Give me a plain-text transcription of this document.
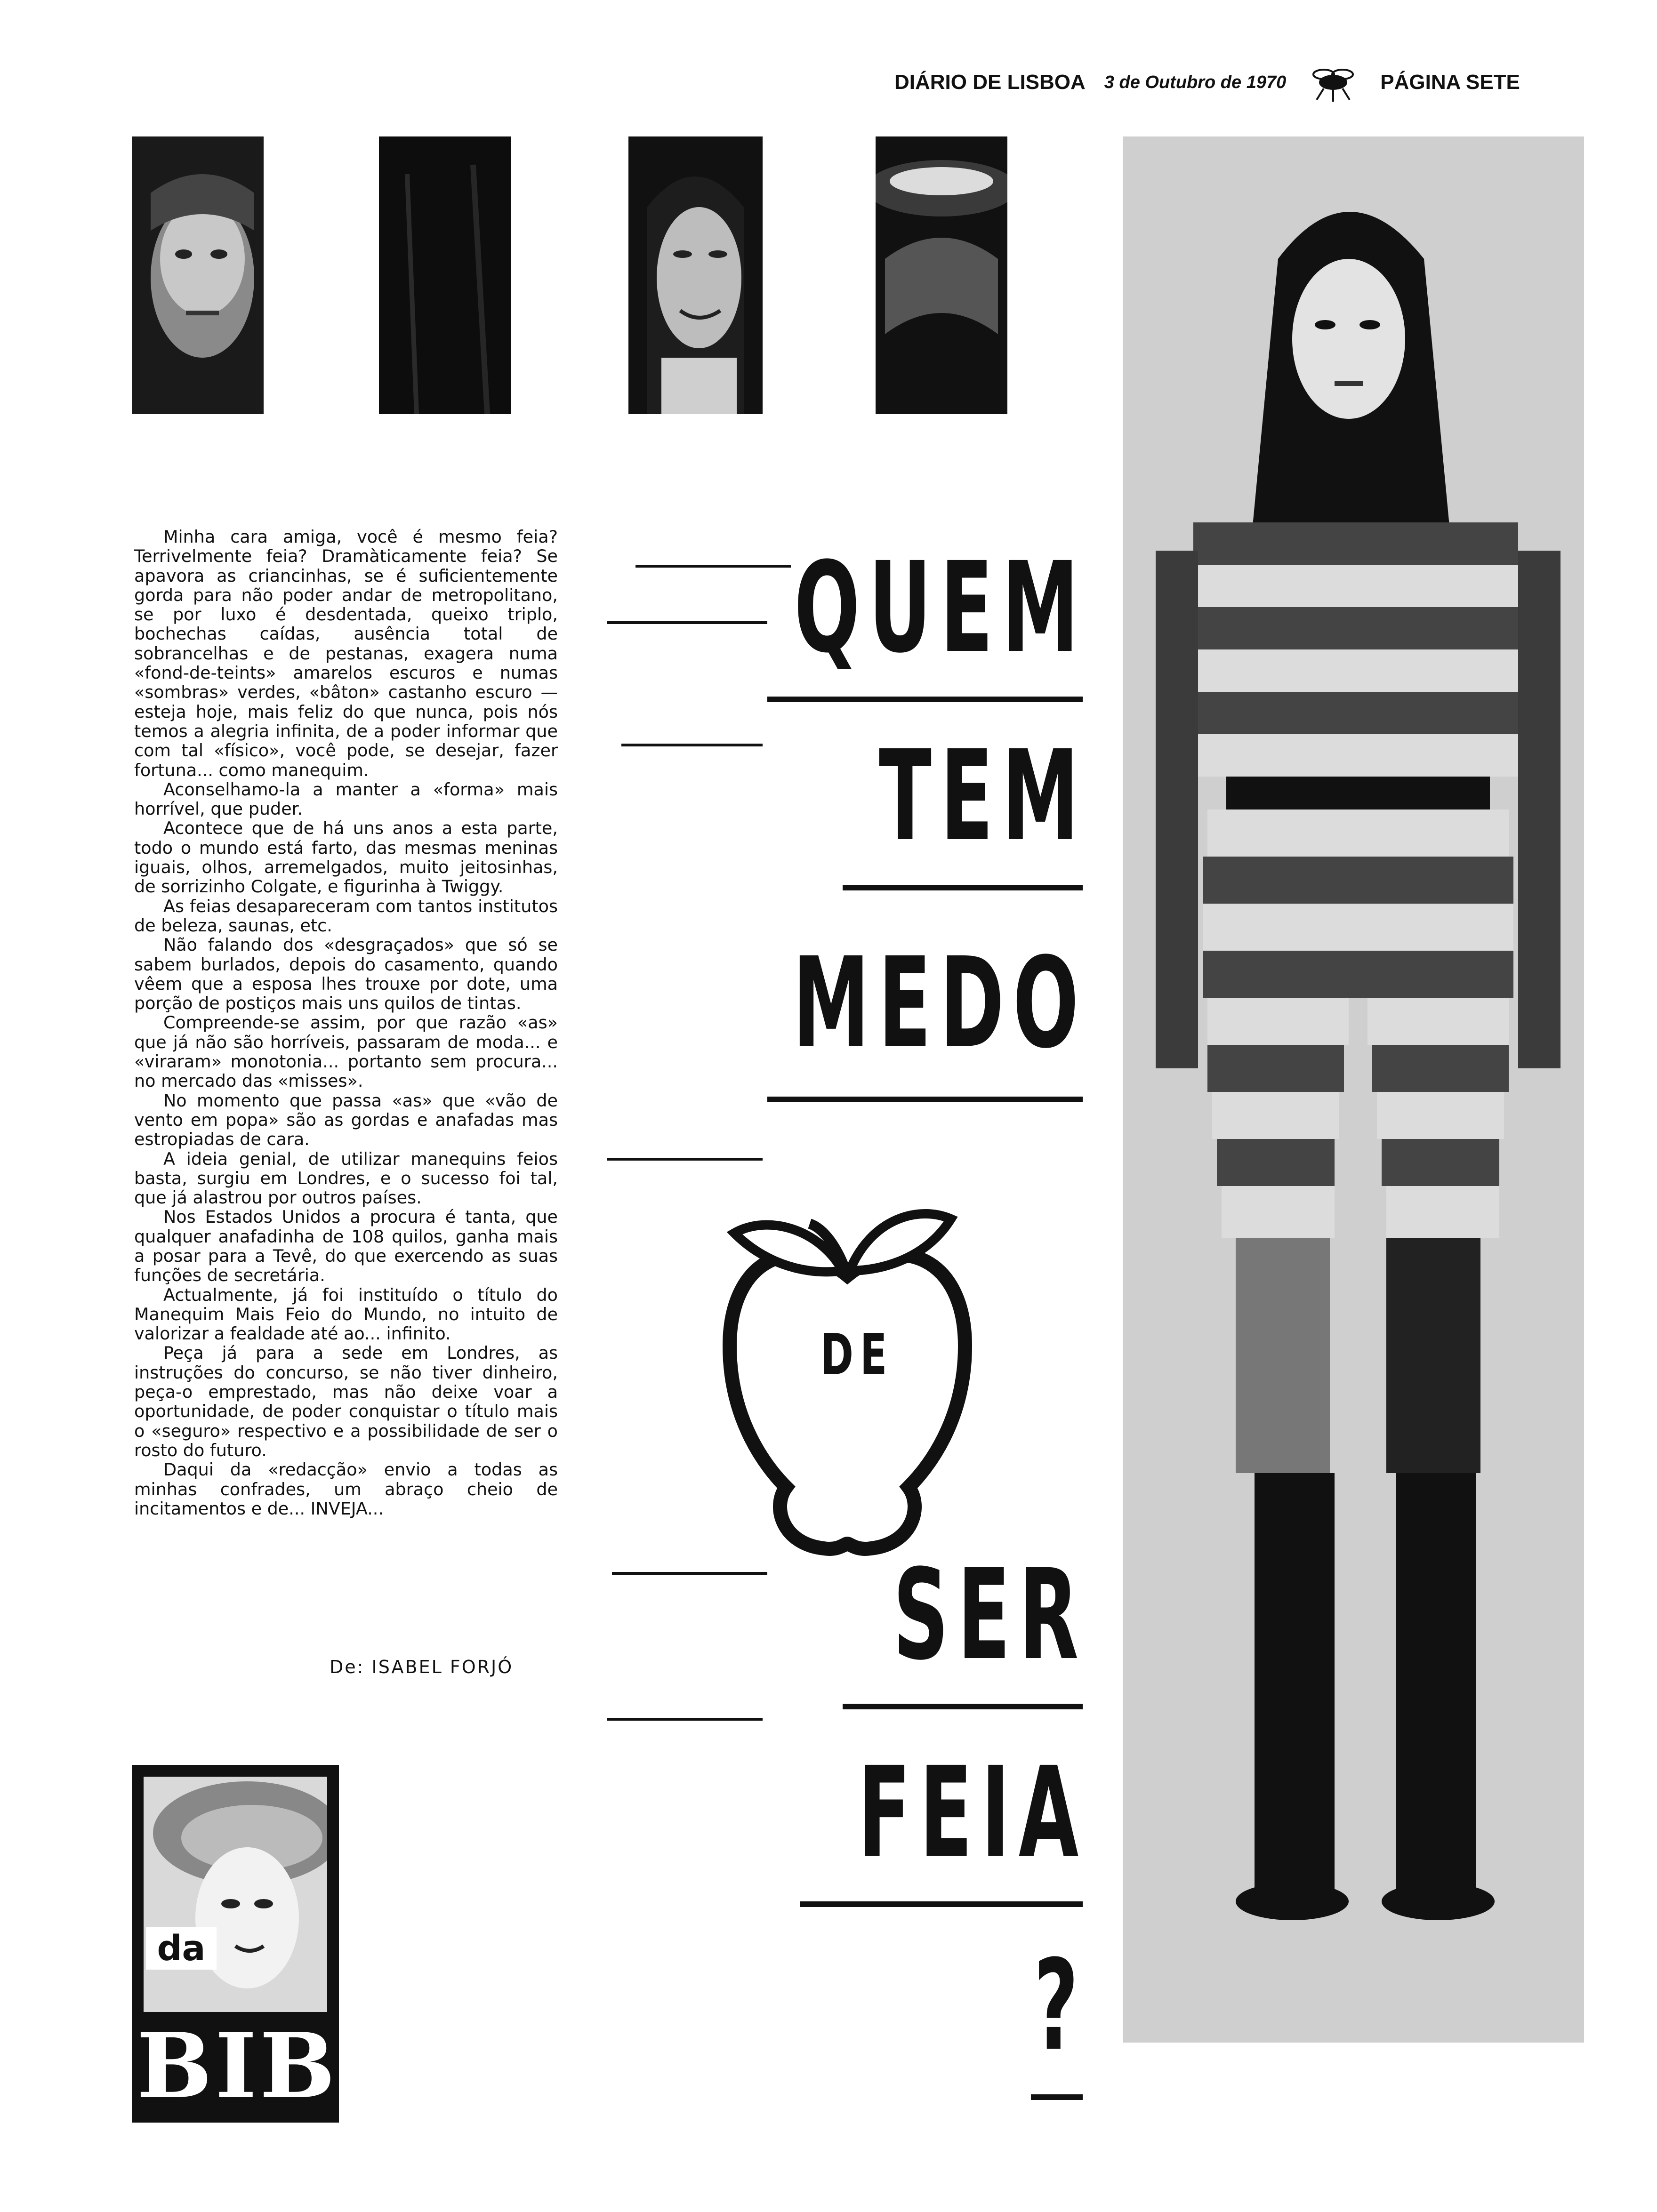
DIÁRIO DE LISBOA 3 de Outubro de 1970	PÁGINA SETE

Minha cara amiga, você é mesmo feia? Terrivelmente feia? Dramàticamente feia? Se apavora as criancinhas, se é suficientemente gorda para não poder andar de metropolitano, se por luxo é desdentada, queixo triplo, bochechas caídas, ausência total de sobrancelhas e de pestanas, exagera numa «fond-de-teints» amarelos escuros e numas «sombras» verdes, «bâton» castanho escuro — esteja hoje, mais feliz do que nunca, pois nós temos a alegria infinita, de a poder informar que com tal «físico», você pode, se desejar, fazer fortuna... como manequim.

Aconselhamo-la a manter a «forma» mais horrível, que puder.

Acontece que de há uns anos a esta parte, todo o mundo está farto, das mesmas meninas iguais, olhos, arremelgados, muito jeitosinhas, de sorrizinho Colgate, e figurinha à Twiggy.

As feias desapareceram com tantos institutos de beleza, saunas, etc.

Não falando dos «desgraçados» que só se sabem burlados, depois do casamento, quando vêem que a esposa lhes trouxe por dote, uma porção de postiços mais uns quilos de tintas.

Compreende-se assim, por que razão «as» que já não são horríveis, passaram de moda... e «viraram» monotonia... portanto sem procura... no mercado das «misses».

No momento que passa «as» que «vão de vento em popa» são as gordas e anafadas mas estropiadas de cara.

A ideia genial, de utilizar manequins feios basta, surgiu em Londres, e o sucesso foi tal, que já alastrou por outros países.

Nos Estados Unidos a procura é tanta, que qualquer anafadinha de 108 quilos, ganha mais a posar para a Tevê, do que exercendo as suas funções de secretária.

Actualmente, já foi instituído o título do Manequim Mais Feio do Mundo, no intuito de valorizar a fealdade até ao... infinito.

Peça já para a sede em Londres, as instruções do concurso, se não tiver dinheiro, peça-o emprestado, mas não deixe voar a oportunidade, de poder conquistar o título mais o «seguro» respectivo e a possibilidade de ser o rosto do futuro.

Daqui da «redacção» envio a todas as minhas confrades, um abraço cheio de incitamentos e de... INVEJA...

De: ISABEL FORJÓ
QUEM
TEM
MEDO
DE
SER
FEIA
?
da
BIBI
